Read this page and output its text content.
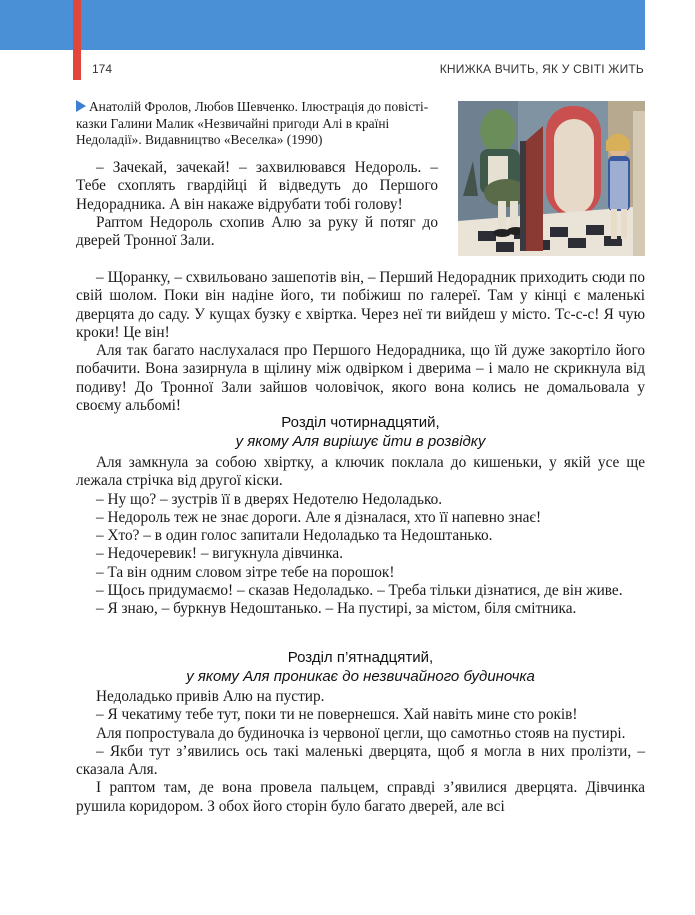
174	КНИЖКА ВЧИТЬ, ЯК У СВІТІ ЖИТЬ
Анатолій Фролов, Любов Шевченко. Ілюстрація до повісті-казки Галини Малик «Незвичайні пригоди Алі в країні Недоладії». Видавництво «Веселка» (1990)

– Зачекай, зачекай! – захвилювався Недороль. – Тебе схоплять гвардійці й відведуть до Першого Недорадника. А він накаже відрубати тобі голову!

Раптом Недороль схопив Алю за руку й потяг до дверей Тронної Зали.

– Щоранку, – схвильовано зашепотів він, – Перший Недорадник приходить сюди по свій шолом. Поки він надіне його, ти побіжиш по галереї. Там у кінці є маленькі дверцята до саду. У кущах бузку є хвіртка. Через неї ти вийдеш у місто. Тс-с-с! Я чую кроки! Це він!

Аля так багато наслухалася про Першого Недорадника, що їй дуже закортіло його побачити. Вона зазирнула в щілину між одвірком і дверима – і мало не скрикнула від подиву! До Тронної Зали зайшов чоловічок, якого вона колись не домальовала у своєму альбомі!

Розділ чотирнадцятий,
у якому Аля вирішує йти в розвідку

Аля замкнула за собою хвіртку, а ключик поклала до кишеньки, у якій усе ще лежала стрічка від другої кіски.

– Ну що? – зустрів її в дверях Недотелю Недоладько.

– Недороль теж не знає дороги. Але я дізналася, хто її напевно знає!

– Хто? – в один голос запитали Недоладько та Недоштанько.

– Недочеревик! – вигукнула дівчинка.

– Та він одним словом зітре тебе на порошок!

– Щось придумаємо! – сказав Недоладько. – Треба тільки дізнатися, де він живе.

– Я знаю, – буркнув Недоштанько. – На пустирі, за містом, біля смітника.

Розділ п’ятнадцятий,
у якому Аля проникає до незвичайного будиночка

Недоладько привів Алю на пустир.

– Я чекатиму тебе тут, поки ти не повернешся. Хай навіть мине сто років!

Аля попростувала до будиночка із червоної цегли, що самотньо стояв на пустирі.

– Якби тут з’явились ось такі маленькі дверцята, щоб я могла в них пролізти, – сказала Аля.

І раптом там, де вона провела пальцем, справді з’явилися дверцята. Дівчинка рушила коридором. З обох його сторін було багато дверей, але всі
